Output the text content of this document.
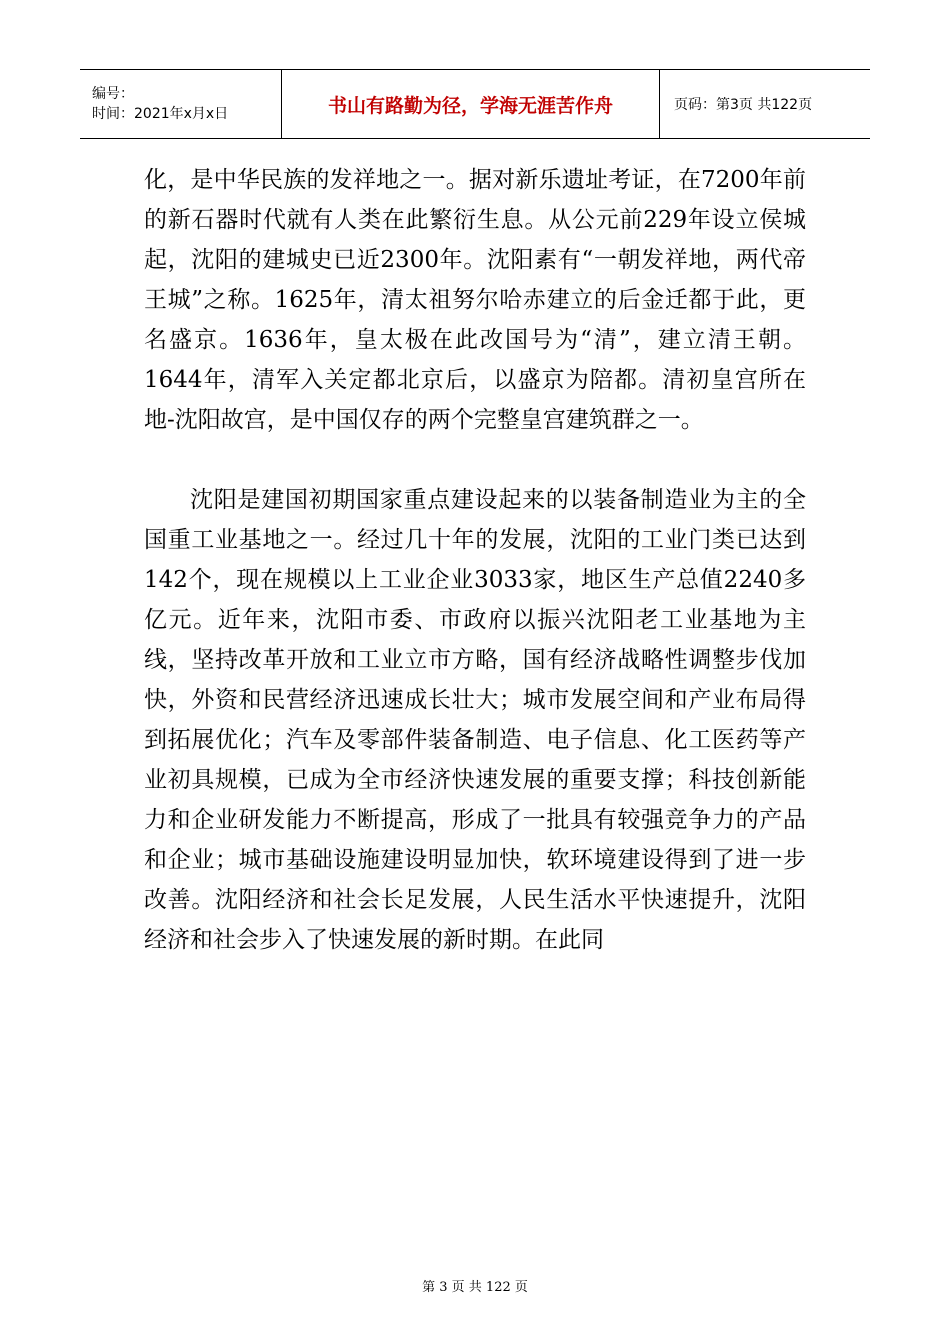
编号：
时间：2021年x月x日	书山有路勤为径，学海无涯苦作舟	页码：第3页 共122页

化，是中华民族的发祥地之一。据对新乐遗址考证，在7200年前的新石器时代就有人类在此繁衍生息。从公元前229年设立侯城起，沈阳的建城史已近2300年。沈阳素有“一朝发祥地，两代帝王城”之称。1625年，清太祖努尔哈赤建立的后金迁都于此，更名盛京。1636年，皇太极在此改国号为“清”，建立清王朝。1644年，清军入关定都北京后，以盛京为陪都。清初皇宫所在地-沈阳故宫，是中国仅存的两个完整皇宫建筑群之一。

沈阳是建国初期国家重点建设起来的以装备制造业为主的全国重工业基地之一。经过几十年的发展，沈阳的工业门类已达到142个，现在规模以上工业企业3033家，地区生产总值2240多亿元。近年来，沈阳市委、市政府以振兴沈阳老工业基地为主线，坚持改革开放和工业立市方略，国有经济战略性调整步伐加快，外资和民营经济迅速成长壮大；城市发展空间和产业布局得 到拓展优化；汽车及零部件装备制造、电子信息、化工医药等产业初具规模，已成为全市经济快速发展的重要支撑；科技创新能力和企业研发能力不断提高，形成了一批具有较强竞争力的产品和企业；城市基础设施建设明显加快，软环境建设得到了进一步改善。沈阳经济和社会长足发展，人民生活水平快速提升，沈阳经济和社会步入了快速发展的新时期。在此同

第 3 页 共 122 页
